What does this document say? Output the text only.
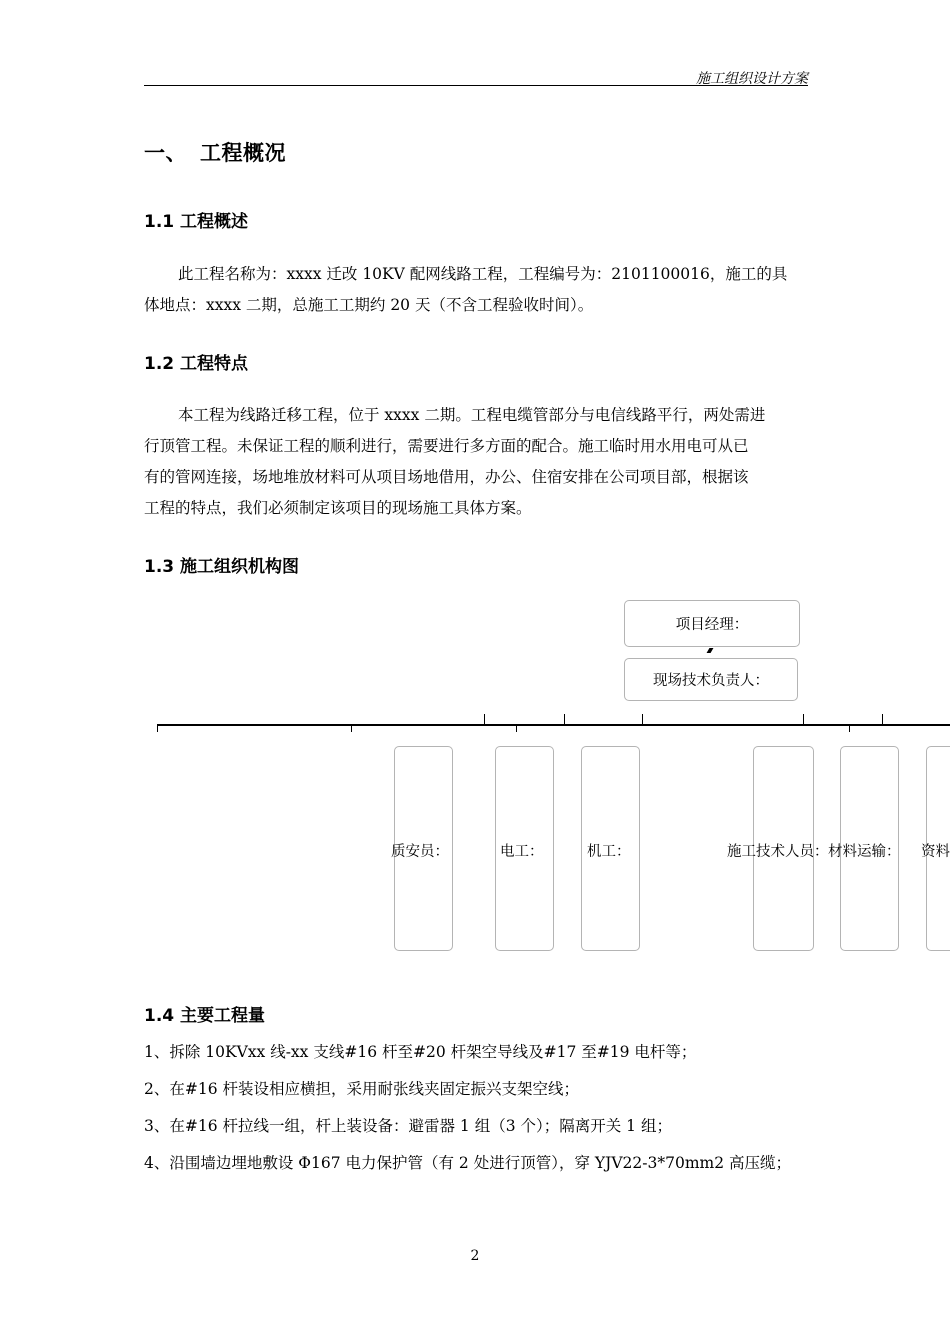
施工组织设计方案
一、 工程概况
1.1 工程概述
此工程名称为：xxxx 迁改 10KV 配网线路工程，工程编号为：2101100016，施工的具
体地点：xxxx 二期，总施工工期约 20 天（不含工程验收时间）。
1.2 工程特点
本工程为线路迁移工程，位于 xxxx 二期。工程电缆管部分与电信线路平行，两处需进
行顶管工程。未保证工程的顺利进行，需要进行多方面的配合。施工临时用水用电可从已
有的管网连接，场地堆放材料可从项目场地借用，办公、住宿安排在公司项目部，根据该
工程的特点，我们必须制定该项目的现场施工具体方案。
1.3 施工组织机构图
项目经理：
现场技术负责人：
质安员：	电工：	机工：	施工技术人员： 材料运输： 资料
1.4 主要工程量
1、拆除 10KVxx 线-xx 支线#16 杆至#20 杆架空导线及#17 至#19 电杆等；
2、在#16 杆装设相应横担，采用耐张线夹固定振兴支架空线；
3、在#16 杆拉线一组，杆上装设备：避雷器 1 组（3 个）；隔离开关 1 组；
4、沿围墙边埋地敷设 Φ167 电力保护管（有 2 处进行顶管），穿 YJV22-3*70mm2 高压缆；
2
